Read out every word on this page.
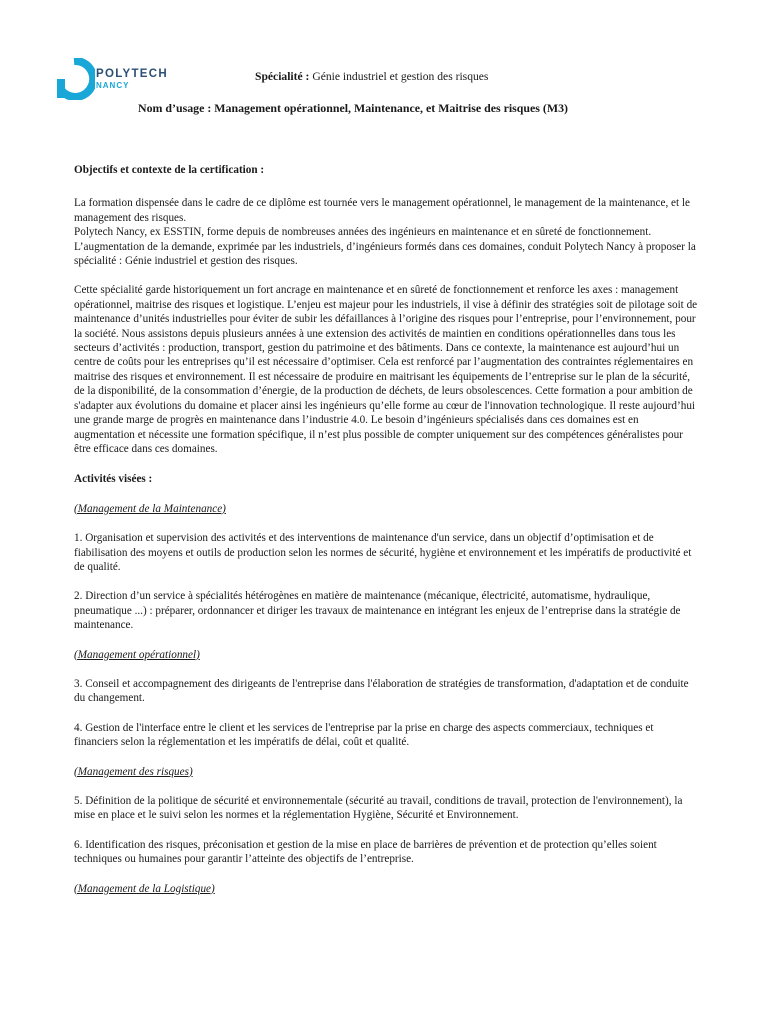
POLYTECH
NANCY
Spécialité : Génie industriel et gestion des risques
Nom d’usage : Management opérationnel, Maintenance, et Maitrise des risques (M3)

Objectifs et contexte de la certification :

La formation dispensée dans le cadre de ce diplôme est tournée vers le management opérationnel, le management de la maintenance, et le management des risques.

Polytech Nancy, ex ESSTIN, forme depuis de nombreuses années des ingénieurs en maintenance et en sûreté de fonctionnement. L’augmentation de la demande, exprimée par les industriels, d’ingénieurs formés dans ces domaines, conduit Polytech Nancy à proposer la spécialité : Génie industriel et gestion des risques.

Cette spécialité garde historiquement un fort ancrage en maintenance et en sûreté de fonctionnement et renforce les axes : management opérationnel, maitrise des risques et logistique. L’enjeu est majeur pour les industriels, il vise à définir des stratégies soit de pilotage soit de maintenance d’unités industrielles pour éviter de subir les défaillances à l’origine des risques pour l’entreprise, pour l’environnement, pour la société. Nous assistons depuis plusieurs années à une extension des activités de maintien en conditions opérationnelles dans tous les secteurs d’activités : production, transport, gestion du patrimoine et des bâtiments. Dans ce contexte, la maintenance est aujourd’hui un centre de coûts pour les entreprises qu’il est nécessaire d’optimiser. Cela est renforcé par l’augmentation des contraintes réglementaires en maitrise des risques et environnement. Il est nécessaire de produire en maitrisant les équipements de l’entreprise sur le plan de la sécurité, de la disponibilité, de la consommation d’énergie, de la production de déchets, de leurs obsolescences. Cette formation a pour ambition de s'adapter aux évolutions du domaine et placer ainsi les ingénieurs qu’elle forme au cœur de l'innovation technologique. Il reste aujourd’hui une grande marge de progrès en maintenance dans l’industrie 4.0. Le besoin d’ingénieurs spécialisés dans ces domaines est en augmentation et nécessite une formation spécifique, il n’est plus possible de compter uniquement sur des compétences généralistes pour être efficace dans ces domaines.

Activités visées :

(Management de la Maintenance)

1. Organisation et supervision des activités et des interventions de maintenance d'un service, dans un objectif d’optimisation et de fiabilisation des moyens et outils de production selon les normes de sécurité, hygiène et environnement et les impératifs de productivité et de qualité.

2. Direction d’un service à spécialités hétérogènes en matière de maintenance (mécanique, électricité, automatisme, hydraulique, pneumatique ...) : préparer, ordonnancer et diriger les travaux de maintenance en intégrant les enjeux de l’entreprise dans la stratégie de maintenance.

(Management opérationnel)

3. Conseil et accompagnement des dirigeants de l'entreprise dans l'élaboration de stratégies de transformation, d'adaptation et de conduite du changement.

4. Gestion de l'interface entre le client et les services de l'entreprise par la prise en charge des aspects commerciaux, techniques et financiers selon la réglementation et les impératifs de délai, coût et qualité.

(Management des risques)

5. Définition de la politique de sécurité et environnementale (sécurité au travail, conditions de travail, protection de l'environnement), la mise en place et le suivi selon les normes et la réglementation Hygiène, Sécurité et Environnement.

6. Identification des risques, préconisation et gestion de la mise en place de barrières de prévention et de protection qu’elles soient techniques ou humaines pour garantir l’atteinte des objectifs de l’entreprise.

(Management de la Logistique)
